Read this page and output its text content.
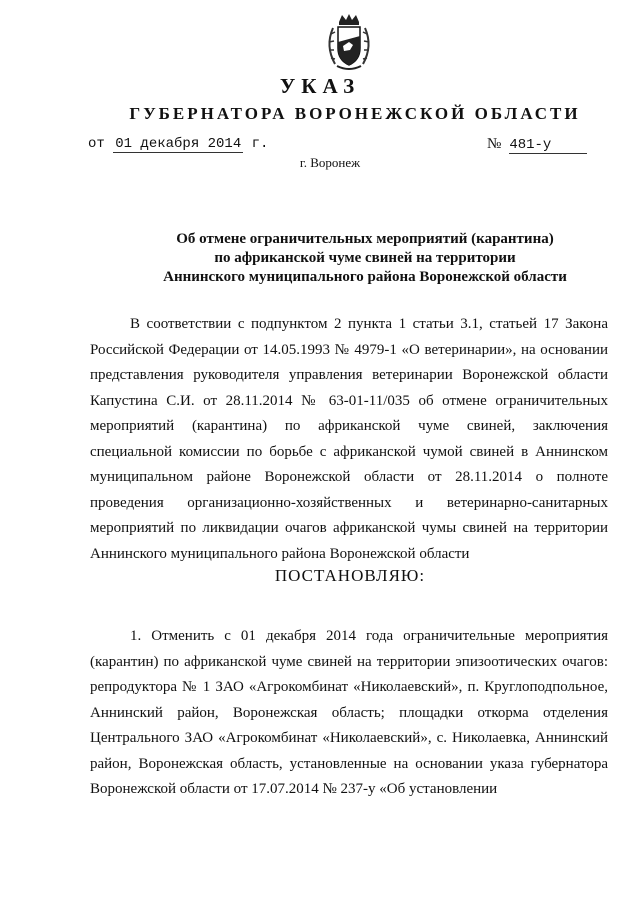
УКАЗ
ГУБЕРНАТОРА ВОРОНЕЖСКОЙ ОБЛАСТИ
от 01 декабря 2014 г.	№ 481-у
г. Воронеж
Об отмене ограничительных мероприятий (карантина)
по африканской чуме свиней на территории
Аннинского муниципального района Воронежской области

В соответствии с подпунктом 2 пункта 1 статьи 3.1, статьей 17 Закона Российской Федерации от 14.05.1993 № 4979-1 «О ветеринарии», на основании представления руководителя управления ветеринарии Воронежской области Капустина С.И. от 28.11.2014 № 63-01-11/035 об отмене ограничительных мероприятий (карантина) по африканской чуме свиней, заключения специальной комиссии по борьбе с африканской чумой свиней в Аннинском муниципальном районе Воронежской области от 28.11.2014 о полноте проведения организационно-хозяйственных и ветеринарно-санитарных мероприятий по ликвидации очагов африканской чумы свиней на территории Аннинского муниципального района Воронежской области

ПОСТАНОВЛЯЮ:

1. Отменить с 01 декабря 2014 года ограничительные мероприятия (карантин) по африканской чуме свиней на территории эпизоотических очагов: репродуктора № 1 ЗАО «Агрокомбинат «Николаевский», п. Круглоподпольное, Аннинский район, Воронежская область; площадки откорма отделения Центрального ЗАО «Агрокомбинат «Николаевский», с. Николаевка, Аннинский район, Воронежская область, установленные на основании указа губернатора Воронежской области от 17.07.2014 № 237-у «Об установлении
